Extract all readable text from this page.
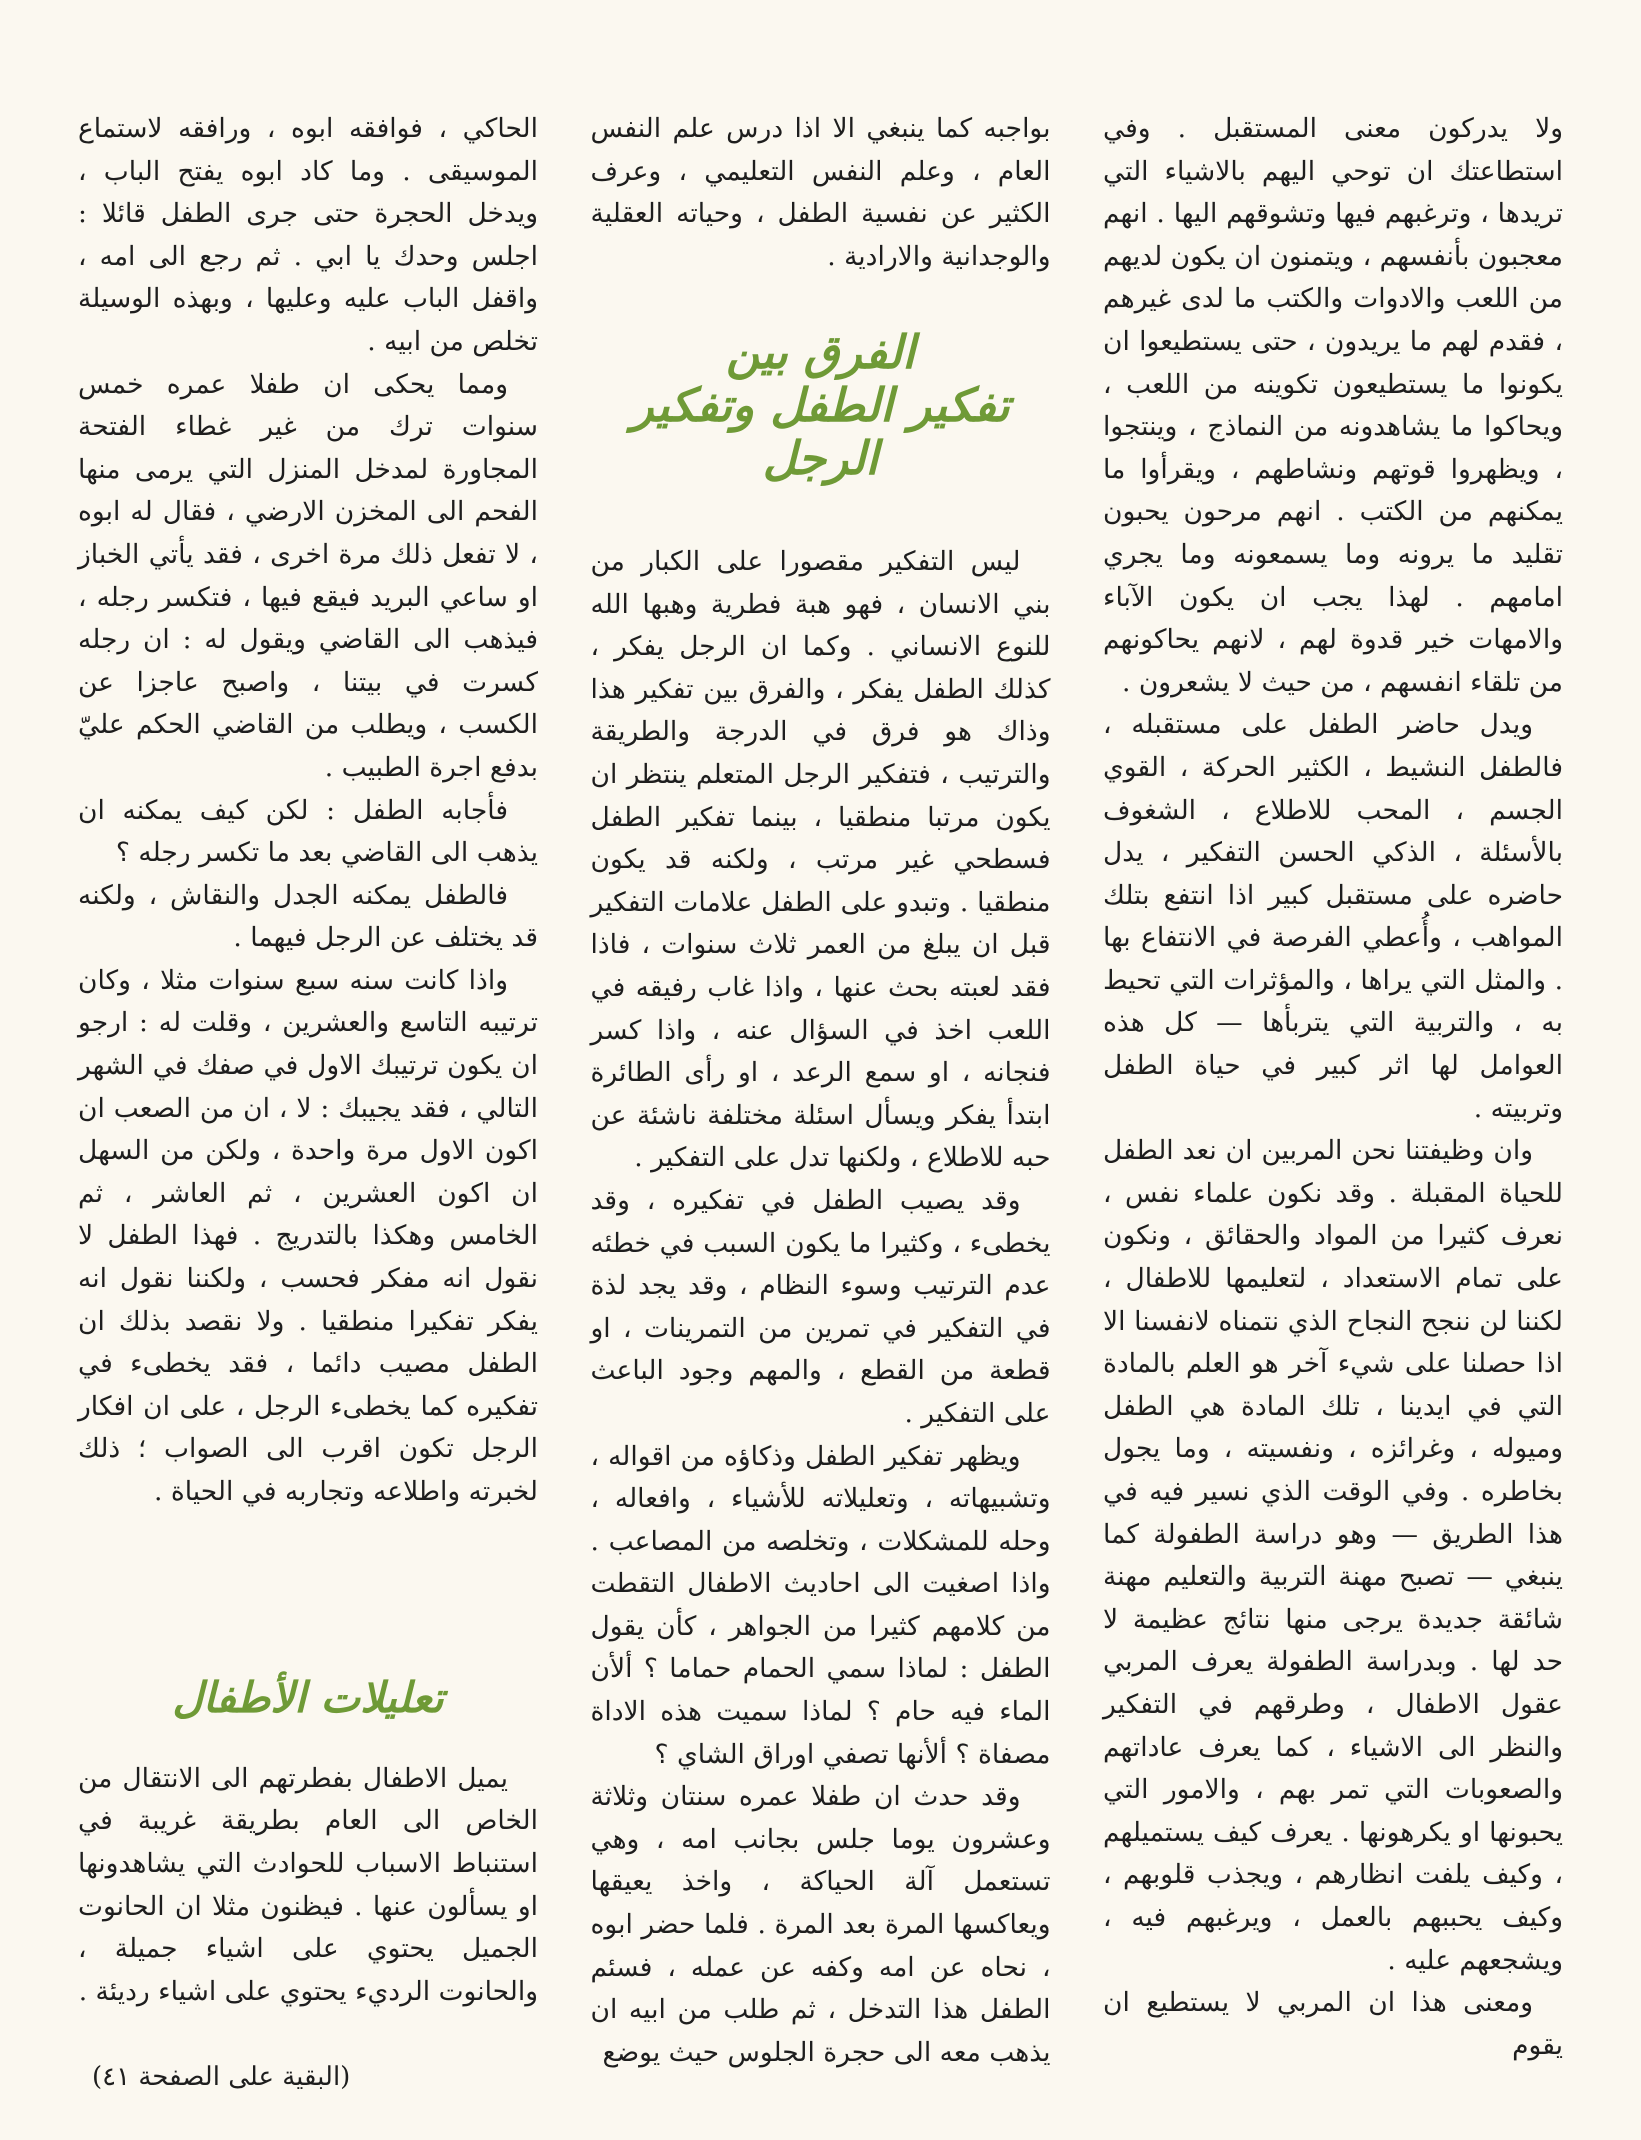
ولا يدركون معنى المستقبل . وفي استطاعتك ان توحي اليهم بالاشياء التي تريدها ، وترغبهم فيها وتشوقهم اليها . انهم معجبون بأنفسهم ، ويتمنون ان يكون لديهم من اللعب والادوات والكتب ما لدى غيرهم ، فقدم لهم ما يريدون ، حتى يستطيعوا ان يكونوا ما يستطيعون تكوينه من اللعب ، ويحاكوا ما يشاهدونه من النماذج ، وينتجوا ، ويظهروا قوتهم ونشاطهم ، ويقرأوا ما يمكنهم من الكتب . انهم مرحون يحبون تقليد ما يرونه وما يسمعونه وما يجري امامهم . لهذا يجب ان يكون الآباء والامهات خير قدوة لهم ، لانهم يحاكونهم من تلقاء انفسهم ، من حيث لا يشعرون .

ويدل حاضر الطفل على مستقبله ، فالطفل النشيط ، الكثير الحركة ، القوي الجسم ، المحب للاطلاع ، الشغوف بالأسئلة ، الذكي الحسن التفكير ، يدل حاضره على مستقبل كبير اذا انتفع بتلك المواهب ، وأُعطي الفرصة في الانتفاع بها . والمثل التي يراها ، والمؤثرات التي تحيط به ، والتربية التي يتربأها — كل هذه العوامل لها اثر كبير في حياة الطفل وتربيته .

وان وظيفتنا نحن المربين ان نعد الطفل للحياة المقبلة . وقد نكون علماء نفس ، نعرف كثيرا من المواد والحقائق ، ونكون على تمام الاستعداد ، لتعليمها للاطفال ، لكننا لن ننجح النجاح الذي نتمناه لانفسنا الا اذا حصلنا على شيء آخر هو العلم بالمادة التي في ايدينا ، تلك المادة هي الطفل وميوله ، وغرائزه ، ونفسيته ، وما يجول بخاطره . وفي الوقت الذي نسير فيه في هذا الطريق — وهو دراسة الطفولة كما ينبغي — تصبح مهنة التربية والتعليم مهنة شائقة جديدة يرجى منها نتائج عظيمة لا حد لها . وبدراسة الطفولة يعرف المربي عقول الاطفال ، وطرقهم في التفكير والنظر الى الاشياء ، كما يعرف عاداتهم والصعوبات التي تمر بهم ، والامور التي يحبونها او يكرهونها . يعرف كيف يستميلهم ، وكيف يلفت انظارهم ، ويجذب قلوبهم ، وكيف يحببهم بالعمل ، ويرغبهم فيه ، ويشجعهم عليه .

ومعنى هذا ان المربي لا يستطيع ان يقوم

بواجبه كما ينبغي الا اذا درس علم النفس العام ، وعلم النفس التعليمي ، وعرف الكثير عن نفسية الطفل ، وحياته العقلية والوجدانية والارادية .

الفرق بين
تفكير الطفل وتفكير الرجل

ليس التفكير مقصورا على الكبار من بني الانسان ، فهو هبة فطرية وهبها الله للنوع الانساني . وكما ان الرجل يفكر ، كذلك الطفل يفكر ، والفرق بين تفكير هذا وذاك هو فرق في الدرجة والطريقة والترتيب ، فتفكير الرجل المتعلم ينتظر ان يكون مرتبا منطقيا ، بينما تفكير الطفل فسطحي غير مرتب ، ولكنه قد يكون منطقيا . وتبدو على الطفل علامات التفكير قبل ان يبلغ من العمر ثلاث سنوات ، فاذا فقد لعبته بحث عنها ، واذا غاب رفيقه في اللعب اخذ في السؤال عنه ، واذا كسر فنجانه ، او سمع الرعد ، او رأى الطائرة ابتدأ يفكر ويسأل اسئلة مختلفة ناشئة عن حبه للاطلاع ، ولكنها تدل على التفكير .

وقد يصيب الطفل في تفكيره ، وقد يخطىء ، وكثيرا ما يكون السبب في خطئه عدم الترتيب وسوء النظام ، وقد يجد لذة في التفكير في تمرين من التمرينات ، او قطعة من القطع ، والمهم وجود الباعث على التفكير .

ويظهر تفكير الطفل وذكاؤه من اقواله ، وتشبيهاته ، وتعليلاته للأشياء ، وافعاله ، وحله للمشكلات ، وتخلصه من المصاعب . واذا اصغيت الى احاديث الاطفال التقطت من كلامهم كثيرا من الجواهر ، كأن يقول الطفل : لماذا سمي الحمام حماما ؟ ألأن الماء فيه حام ؟ لماذا سميت هذه الاداة مصفاة ؟ ألأنها تصفي اوراق الشاي ؟

وقد حدث ان طفلا عمره سنتان وثلاثة وعشرون يوما جلس بجانب امه ، وهي تستعمل آلة الحياكة ، واخذ يعيقها ويعاكسها المرة بعد المرة . فلما حضر ابوه ، نحاه عن امه وكفه عن عمله ، فسئم الطفل هذا التدخل ، ثم طلب من ابيه ان يذهب معه الى حجرة الجلوس حيث يوضع

الحاكي ، فوافقه ابوه ، ورافقه لاستماع الموسيقى . وما كاد ابوه يفتح الباب ، ويدخل الحجرة حتى جرى الطفل قائلا : اجلس وحدك يا ابي . ثم رجع الى امه ، واقفل الباب عليه وعليها ، وبهذه الوسيلة تخلص من ابيه .

ومما يحكى ان طفلا عمره خمس سنوات ترك من غير غطاء الفتحة المجاورة لمدخل المنزل التي يرمى منها الفحم الى المخزن الارضي ، فقال له ابوه ، لا تفعل ذلك مرة اخرى ، فقد يأتي الخباز او ساعي البريد فيقع فيها ، فتكسر رجله ، فيذهب الى القاضي ويقول له : ان رجله كسرت في بيتنا ، واصبح عاجزا عن الكسب ، ويطلب من القاضي الحكم عليّ بدفع اجرة الطبيب .

فأجابه الطفل : لكن كيف يمكنه ان يذهب الى القاضي بعد ما تكسر رجله ؟

فالطفل يمكنه الجدل والنقاش ، ولكنه قد يختلف عن الرجل فيهما .

واذا كانت سنه سبع سنوات مثلا ، وكان ترتيبه التاسع والعشرين ، وقلت له : ارجو ان يكون ترتيبك الاول في صفك في الشهر التالي ، فقد يجيبك : لا ، ان من الصعب ان اكون الاول مرة واحدة ، ولكن من السهل ان اكون العشرين ، ثم العاشر ، ثم الخامس وهكذا بالتدريج . فهذا الطفل لا نقول انه مفكر فحسب ، ولكننا نقول انه يفكر تفكيرا منطقيا . ولا نقصد بذلك ان الطفل مصيب دائما ، فقد يخطىء في تفكيره كما يخطىء الرجل ، على ان افكار الرجل تكون اقرب الى الصواب ؛ ذلك لخبرته واطلاعه وتجاربه في الحياة .

تعليلات الأطفال

يميل الاطفال بفطرتهم الى الانتقال من الخاص الى العام بطريقة غريبة في استنباط الاسباب للحوادث التي يشاهدونها او يسألون عنها . فيظنون مثلا ان الحانوت الجميل يحتوي على اشياء جميلة ، والحانوت الرديء يحتوي على اشياء رديئة .

(البقية على الصفحة ٤١)
